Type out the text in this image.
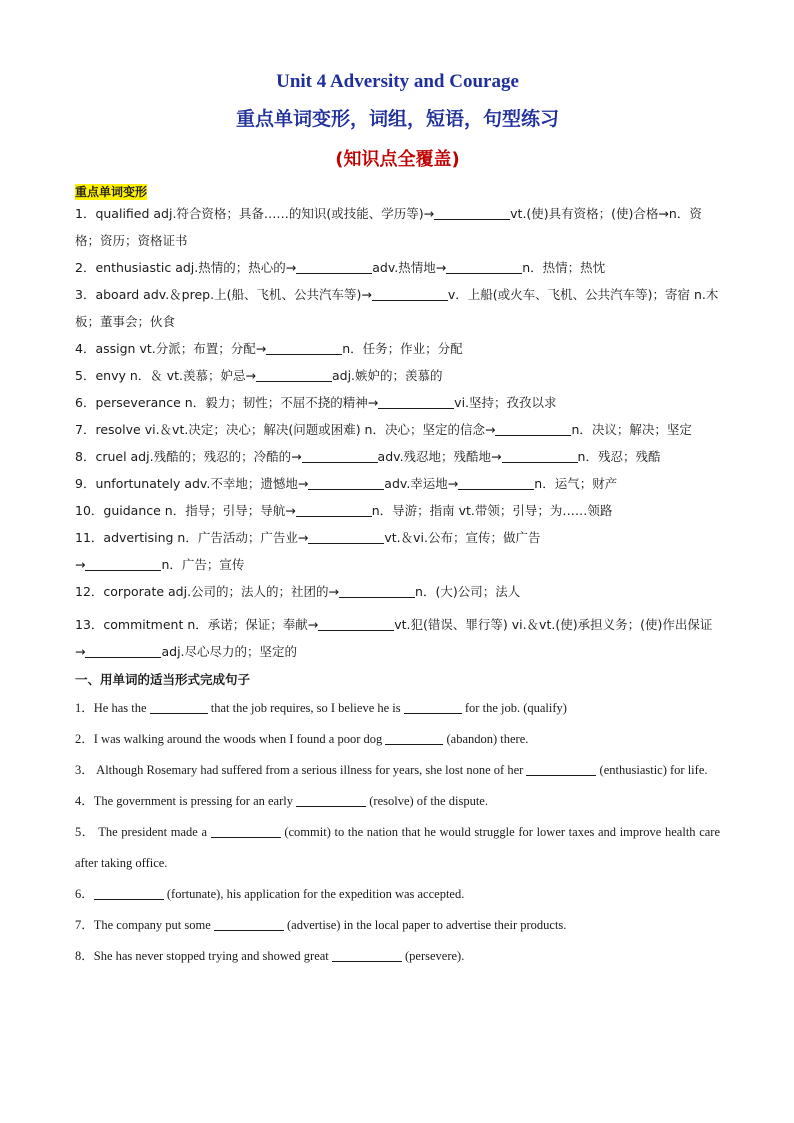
Unit 4 Adversity and Courage
重点单词变形，词组，短语，句型练习
(知识点全覆盖)
重点单词变形

1．qualified adj.符合资格；具备……的知识(或技能、学历等)→	vt.(使)具有资格；(使)合格→n．资格；资历；资格证书

2．enthusiastic adj.热情的；热心的→	adv.热情地→	n．热情；热忱

3．aboard adv.＆prep.上(船、飞机、公共汽车等)→	v．上船(或火车、飞机、公共汽车等)；寄宿 n.木板；董事会；伙食

4．assign vt.分派；布置；分配→	n．任务；作业；分配

5．envy n．＆ vt.羡慕；妒忌→	adj.嫉妒的；羡慕的

6．perseverance n．毅力；韧性；不屈不挠的精神→	vi.坚持；孜孜以求

7．resolve vi.＆vt.决定；决心；解决(问题或困难) n．决心；坚定的信念→	n．决议；解决；坚定

8．cruel adj.残酷的；残忍的；冷酷的→	adv.残忍地；残酷地→	n．残忍；残酷

9．unfortunately adv.不幸地；遗憾地→	adv.幸运地→	n．运气；财产

10．guidance n．指导；引导；导航→	n．导游；指南 vt.带领；引导；为……领路

11．advertising n．广告活动；广告业→	vt.＆vi.公布；宣传；做广告
→	n．广告；宣传

12．corporate adj.公司的；法人的；社团的→	n．(大)公司；法人

13．commitment n．承诺；保证；奉献→	vt.犯(错误、罪行等) vi.＆vt.(使)承担义务；(使)作出保证→	adj.尽心尽力的；坚定的

一、用单词的适当形式完成句子
1．He has the	that the job requires, so I believe he is	for the job. (qualify)
2．I was walking around the woods when I found a poor dog	(abandon) there.
3． Although Rosemary had suffered from a serious illness for years, she lost none of her	(enthusiastic) for life.
4．The government is pressing for an early	(resolve) of the dispute.
5． The president made a	(commit) to the nation that he would struggle for lower taxes and improve health care after taking office.
6．	(fortunate), his application for the expedition was accepted.
7．The company put some	(advertise) in the local paper to advertise their products.
8．She has never stopped trying and showed great	(persevere).
